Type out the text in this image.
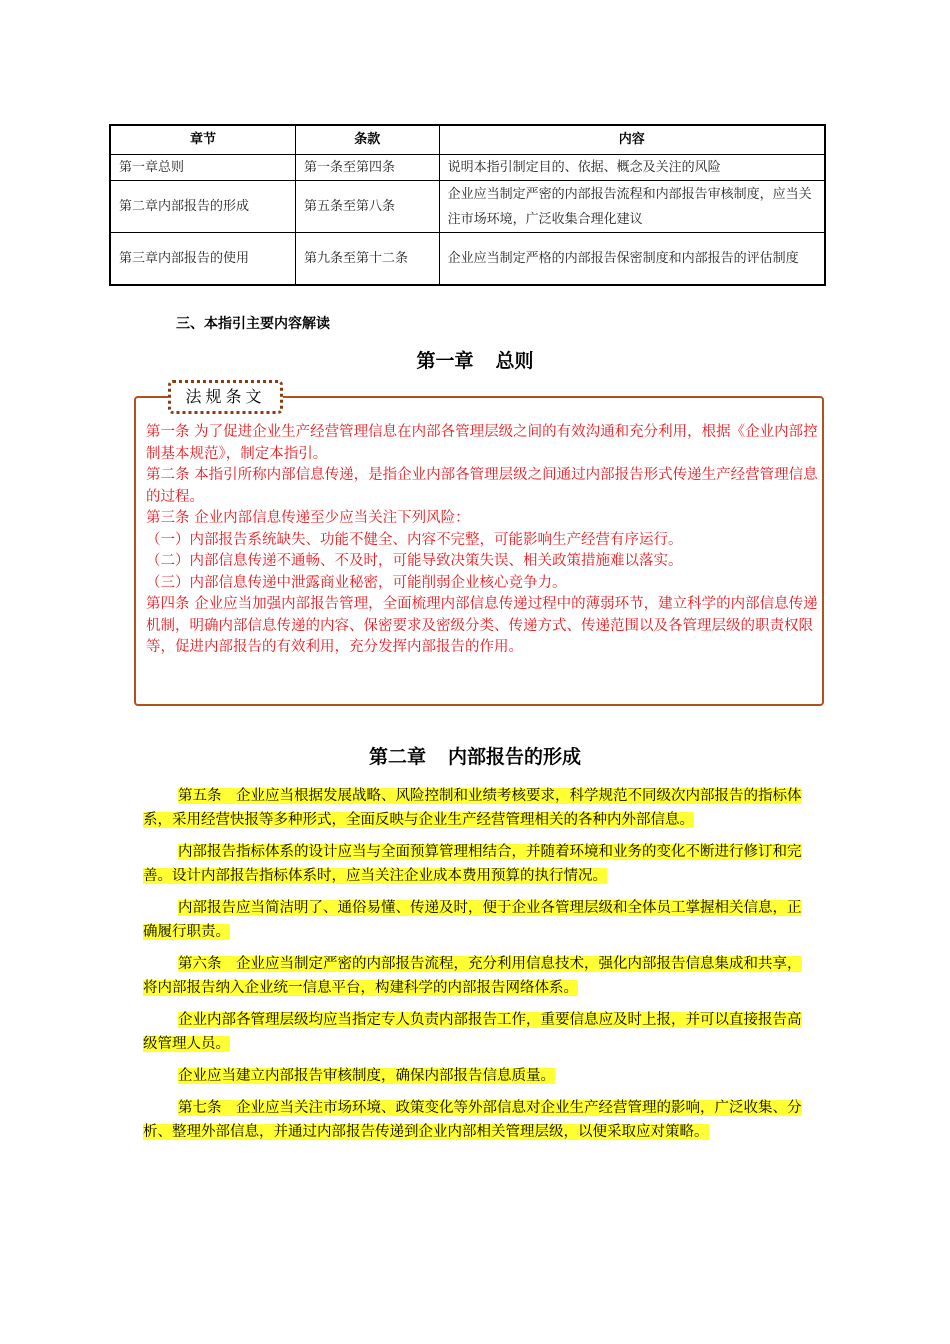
章节	条款	内容
第一章总则	第一条至第四条	说明本指引制定目的、依据、概念及关注的风险
第二章内部报告的形成	第五条至第八条	企业应当制定严密的内部报告流程和内部报告审核制度，应当关注市场环境，广泛收集合理化建议
第三章内部报告的使用	第九条至第十二条	企业应当制定严格的内部报告保密制度和内部报告的评估制度
三、本指引主要内容解读
第一章 总则
法规条文

第一条 为了促进企业生产经营管理信息在内部各管理层级之间的有效沟通和充分利用，根据《企业内部控制基本规范》，制定本指引。

第二条 本指引所称内部信息传递，是指企业内部各管理层级之间通过内部报告形式传递生产经营管理信息的过程。

第三条 企业内部信息传递至少应当关注下列风险：

（一）内部报告系统缺失、功能不健全、内容不完整，可能影响生产经营有序运行。

（二）内部信息传递不通畅、不及时，可能导致决策失误、相关政策措施难以落实。

（三）内部信息传递中泄露商业秘密，可能削弱企业核心竞争力。

第四条 企业应当加强内部报告管理，全面梳理内部信息传递过程中的薄弱环节，建立科学的内部信息传递机制，明确内部信息传递的内容、保密要求及密级分类、传递方式、传递范围以及各管理层级的职责权限等，促进内部报告的有效利用，充分发挥内部报告的作用。

第二章 内部报告的形成

第五条　企业应当根据发展战略、风险控制和业绩考核要求，科学规范不同级次内部报告的指标体系，采用经营快报等多种形式，全面反映与企业生产经营管理相关的各种内外部信息。

内部报告指标体系的设计应当与全面预算管理相结合，并随着环境和业务的变化不断进行修订和完善。设计内部报告指标体系时，应当关注企业成本费用预算的执行情况。

内部报告应当简洁明了、通俗易懂、传递及时，便于企业各管理层级和全体员工掌握相关信息，正确履行职责。

第六条　企业应当制定严密的内部报告流程，充分利用信息技术，强化内部报告信息集成和共享，将内部报告纳入企业统一信息平台，构建科学的内部报告网络体系。

企业内部各管理层级均应当指定专人负责内部报告工作，重要信息应及时上报，并可以直接报告高级管理人员。

企业应当建立内部报告审核制度，确保内部报告信息质量。

第七条　企业应当关注市场环境、政策变化等外部信息对企业生产经营管理的影响，广泛收集、分析、整理外部信息，并通过内部报告传递到企业内部相关管理层级，以便采取应对策略。
